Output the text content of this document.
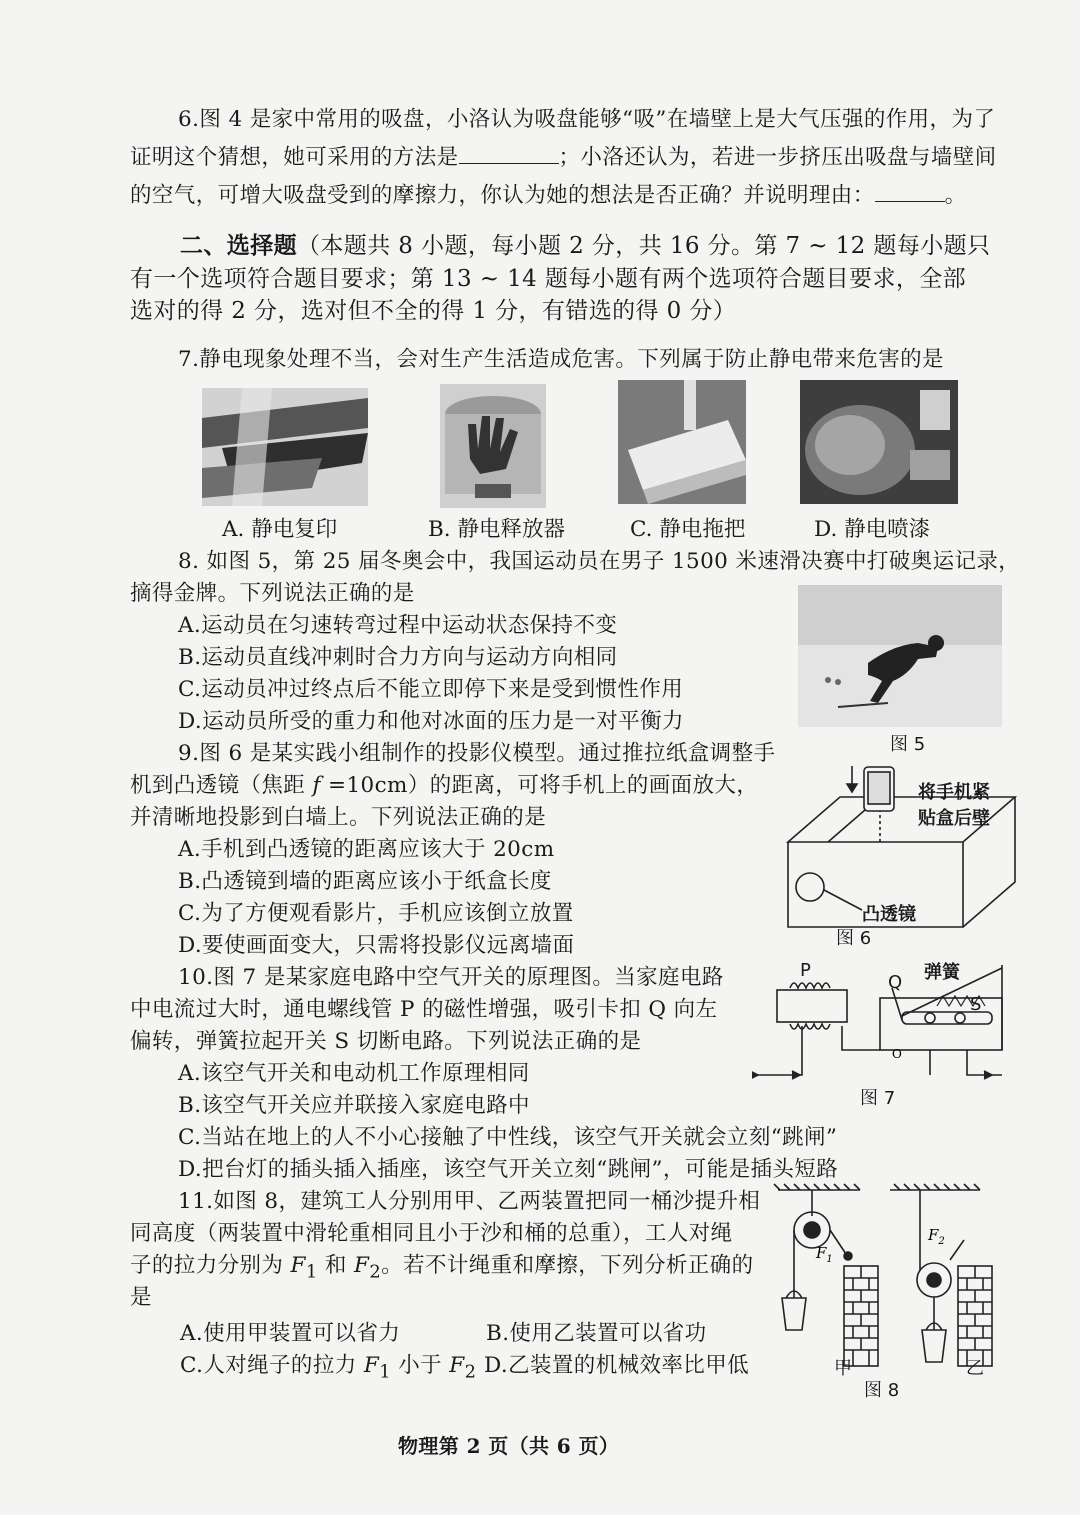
6.图 4 是家中常用的吸盘，小洛认为吸盘能够“吸”在墙壁上是大气压强的作用，为了
证明这个猜想，她可采用的方法是	；小洛还认为，若进一步挤压出吸盘与墙壁间
的空气，可增大吸盘受到的摩擦力，你认为她的想法是否正确？并说明理由：	。
二、选择题（本题共 8 小题，每小题 2 分，共 16 分。第 7 ~ 12 题每小题只
有一个选项符合题目要求；第 13 ~ 14 题每小题有两个选项符合题目要求，全部
选对的得 2 分，选对但不全的得 1 分，有错选的得 0 分）
7.静电现象处理不当，会对生产生活造成危害。下列属于防止静电带来危害的是
A. 静电复印	B. 静电释放器	C. 静电拖把	D. 静电喷漆
8. 如图 5，第 25 届冬奥会中，我国运动员在男子 1500 米速滑决赛中打破奥运记录，
摘得金牌。下列说法正确的是
A.运动员在匀速转弯过程中运动状态保持不变
B.运动员直线冲刺时合力方向与运动方向相同
C.运动员冲过终点后不能立即停下来是受到惯性作用
D.运动员所受的重力和他对冰面的压力是一对平衡力
图 5
9.图 6 是某实践小组制作的投影仪模型。通过推拉纸盒调整手
机到凸透镜（焦距 f =10cm）的距离，可将手机上的画面放大，
并清晰地投影到白墙上。下列说法正确的是
A.手机到凸透镜的距离应该大于 20cm
B.凸透镜到墙的距离应该小于纸盒长度
C.为了方便观看影片，手机应该倒立放置
D.要使画面变大，只需将投影仪远离墙面
将手机紧
贴盒后壁
凸透镜
图 6
10.图 7 是某家庭电路中空气开关的原理图。当家庭电路
中电流过大时，通电螺线管 P 的磁性增强，吸引卡扣 Q 向左
偏转，弹簧拉起开关 S 切断电路。下列说法正确的是
A.该空气开关和电动机工作原理相同
B.该空气开关应并联接入家庭电路中
C.当站在地上的人不小心接触了中性线，该空气开关就会立刻“跳闸”
D.把台灯的插头插入插座，该空气开关立刻“跳闸”，可能是插头短路
O
P
Q 弹簧
S
图 7
11.如图 8，建筑工人分别用甲、乙两装置把同一桶沙提升相
同高度（两装置中滑轮重相同且小于沙和桶的总重），工人对绳
子的拉力分别为 $F_1$ 和 $F_2$。若不计绳重和摩擦，下列分析正确的
是
A.使用甲装置可以省力	B.使用乙装置可以省功
C.人对绳子的拉力 $F_1$ 小于 $F_2$ D.乙装置的机械效率比甲低
$F_1$
$F_2$
甲	乙
图 8
物理第 2 页（共 6 页）
